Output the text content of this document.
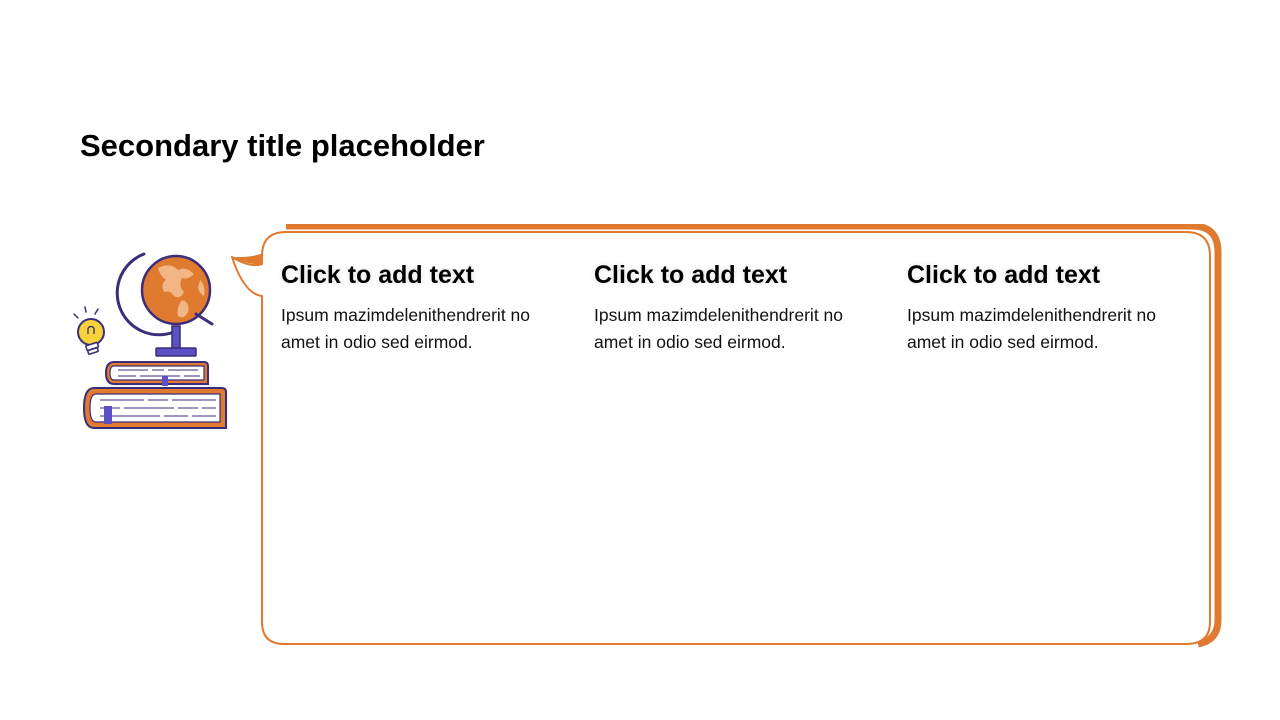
Secondary title placeholder
Click to add text

Ipsum mazimdelenithendrerit no amet in odio sed eirmod.

Click to add text

Ipsum mazimdelenithendrerit no amet in odio sed eirmod.

Click to add text

Ipsum mazimdelenithendrerit no amet in odio sed eirmod.
